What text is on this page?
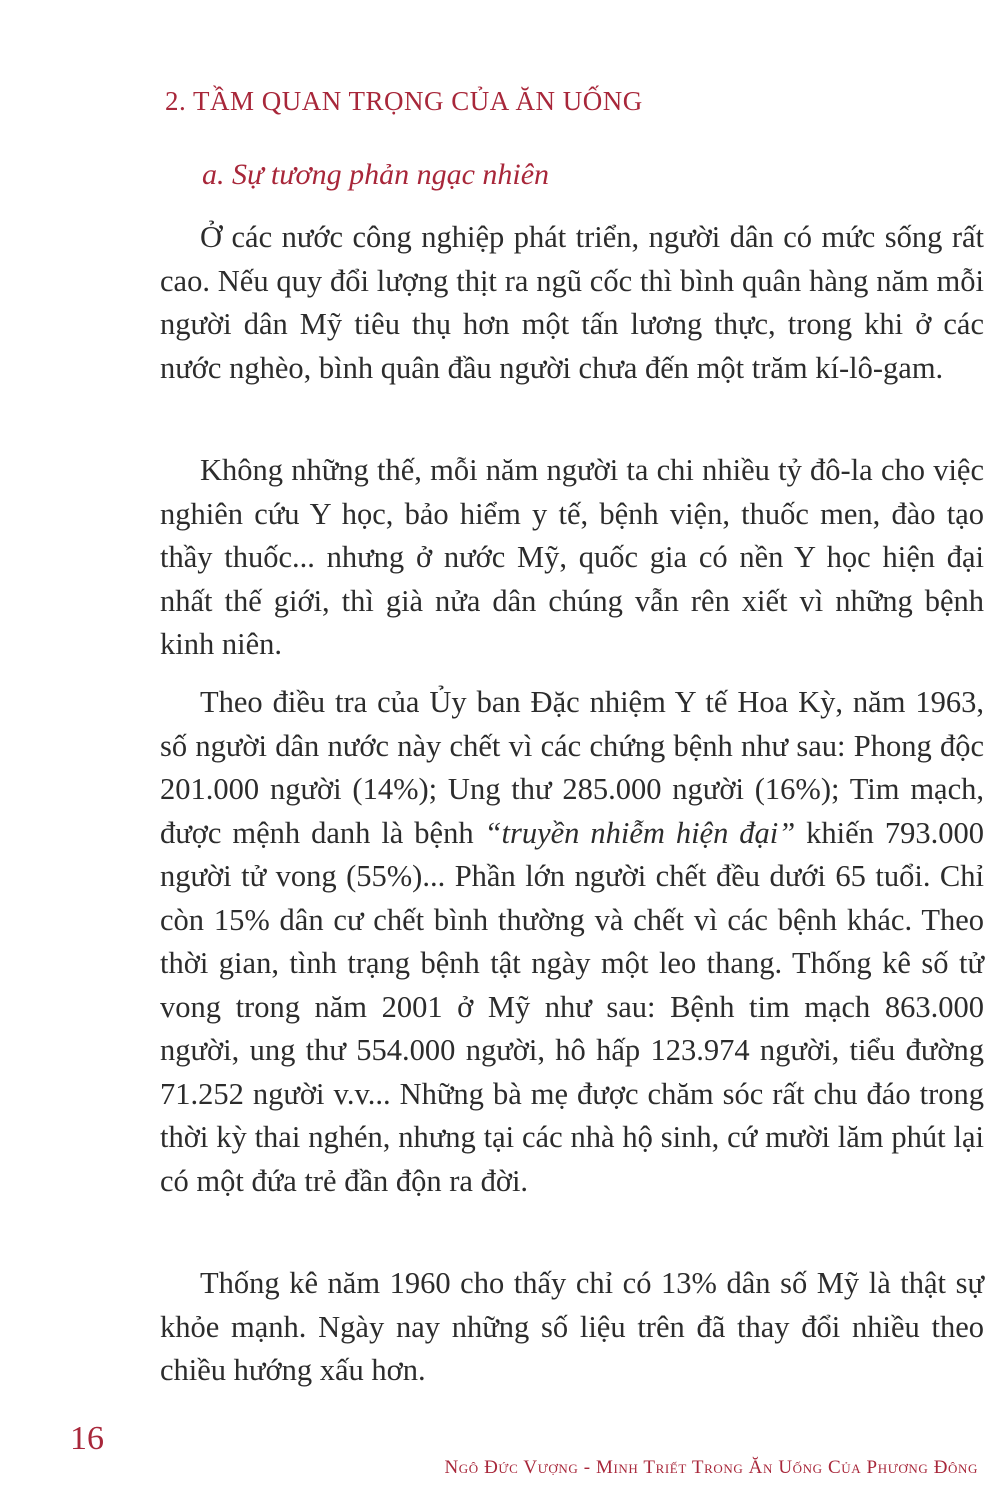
2. TẦM QUAN TRỌNG CỦA ĂN UỐNG
a. Sự tương phản ngạc nhiên

Ở các nước công nghiệp phát triển, người dân có mức sống rất cao. Nếu quy đổi lượng thịt ra ngũ cốc thì bình quân hàng năm mỗi người dân Mỹ tiêu thụ hơn một tấn lương thực, trong khi ở các nước nghèo, bình quân đầu người chưa đến một trăm kí-lô-gam.

Không những thế, mỗi năm người ta chi nhiều tỷ đô-la cho việc nghiên cứu Y học, bảo hiểm y tế, bệnh viện, thuốc men, đào tạo thầy thuốc... nhưng ở nước Mỹ, quốc gia có nền Y học hiện đại nhất thế giới, thì già nửa dân chúng vẫn rên xiết vì những bệnh kinh niên.

Theo điều tra của Ủy ban Đặc nhiệm Y tế Hoa Kỳ, năm 1963, số người dân nước này chết vì các chứng bệnh như sau: Phong độc 201.000 người (14%); Ung thư 285.000 người (16%); Tim mạch, được mệnh danh là bệnh “truyền nhiễm hiện đại” khiến 793.000 người tử vong (55%)... Phần lớn người chết đều dưới 65 tuổi. Chỉ còn 15% dân cư chết bình thường và chết vì các bệnh khác. Theo thời gian, tình trạng bệnh tật ngày một leo thang. Thống kê số tử vong trong năm 2001 ở Mỹ như sau: Bệnh tim mạch 863.000 người, ung thư 554.000 người, hô hấp 123.974 người, tiểu đường 71.252 người v.v... Những bà mẹ được chăm sóc rất chu đáo trong thời kỳ thai nghén, nhưng tại các nhà hộ sinh, cứ mười lăm phút lại có một đứa trẻ đần độn ra đời.

Thống kê năm 1960 cho thấy chỉ có 13% dân số Mỹ là thật sự khỏe mạnh. Ngày nay những số liệu trên đã thay đổi nhiều theo chiều hướng xấu hơn.

16
Ngô Đức Vượng - Minh Triết Trong Ăn Uống Của Phương Đông
